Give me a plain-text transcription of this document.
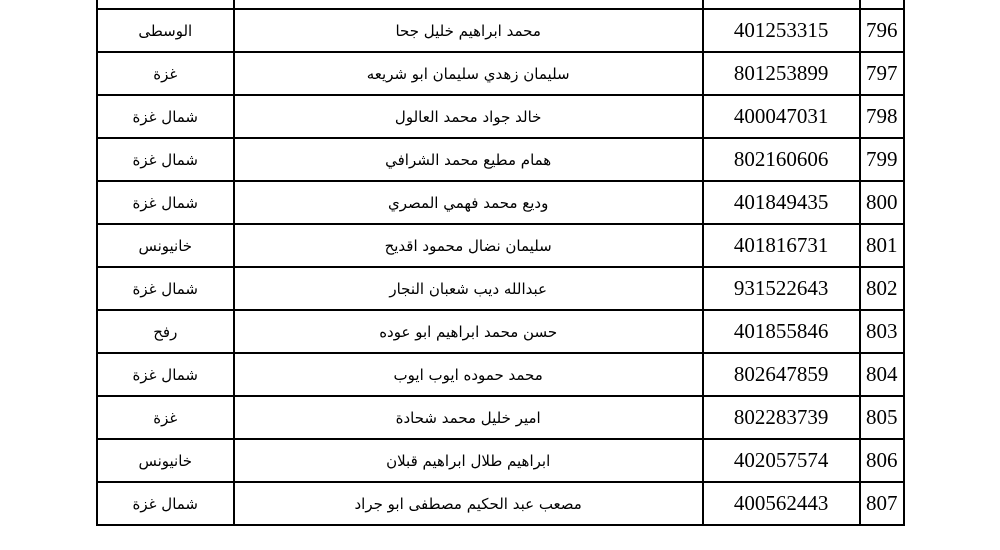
796	401253315	محمد ابراهيم خليل جحا	الوسطى
797	801253899	سليمان زهدي سليمان ابو شريعه	غزة
798	400047031	خالد جواد محمد العالول	شمال غزة
799	802160606	همام مطيع محمد الشرافي	شمال غزة
800	401849435	وديع محمد فهمي المصري	شمال غزة
801	401816731	سليمان نضال محمود اقديح	خانيونس
802	931522643	عبدالله ديب شعبان النجار	شمال غزة
803	401855846	حسن محمد ابراهيم ابو عوده	رفح
804	802647859	محمد حموده ايوب ايوب	شمال غزة
805	802283739	امير خليل محمد شحادة	غزة
806	402057574	ابراهيم طلال ابراهيم قبلان	خانيونس
807	400562443	مصعب عبد الحكيم مصطفى ابو جراد	شمال غزة
